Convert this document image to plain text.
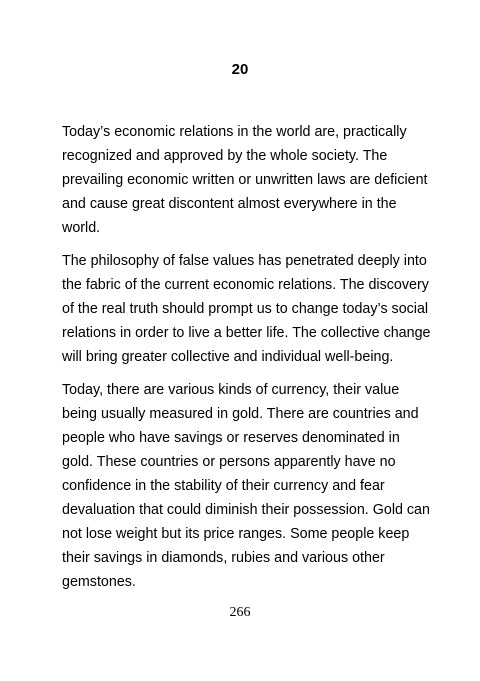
20

Today’s economic relations in the world are, practically
recognized and approved by the whole society. The
prevailing economic written or unwritten laws are deficient
and cause great discontent almost everywhere in the
world.

The philosophy of false values has penetrated deeply into
the fabric of the current economic relations. The discovery
of the real truth should prompt us to change today’s social
relations in order to live a better life. The collective change
will bring greater collective and individual well-being.

Today, there are various kinds of currency, their value
being usually measured in gold. There are countries and
people who have savings or reserves denominated in
gold. These countries or persons apparently have no
confidence in the stability of their currency and fear
devaluation that could diminish their possession. Gold can
not lose weight but its price ranges. Some people keep
their savings in diamonds, rubies and various other
gemstones.

266
